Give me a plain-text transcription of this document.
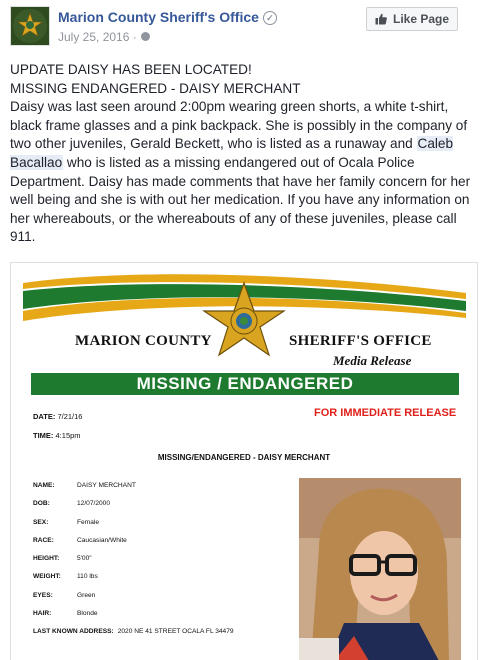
Marion County Sheriff's Office ✓
July 25, 2016 ·
Like Page

UPDATE DAISY HAS BEEN LOCATED!

MISSING ENDANGERED - DAISY MERCHANT

Daisy was last seen around 2:00pm wearing green shorts, a white t-shirt, black frame glasses and a pink backpack. She is possibly in the company of two other juveniles, Gerald Beckett, who is listed as a runaway and Caleb Bacallao who is listed as a missing endangered out of Ocala Police Department. Daisy has made comments that have her family concern for her well being and she is with out her medication. If you have any information on her whereabouts, or the whereabouts of any of these juveniles, please call 911.

MARION COUNTY	SHERIFF'S OFFICE
Media Release
MISSING / ENDANGERED
DATE: 7/21/16
TIME: 4:15pm
FOR IMMEDIATE RELEASE
MISSING/ENDANGERED - DAISY MERCHANT
NAME:	DAISY MERCHANT
DOB:	12/07/2000
SEX:	Female
RACE:	Caucasian/White
HEIGHT:	5'00"
WEIGHT: 110 lbs
EYES:	Green
HAIR:	Blonde
LAST KNOWN ADDRESS: 2020 NE 41 STREET OCALA FL 34479
